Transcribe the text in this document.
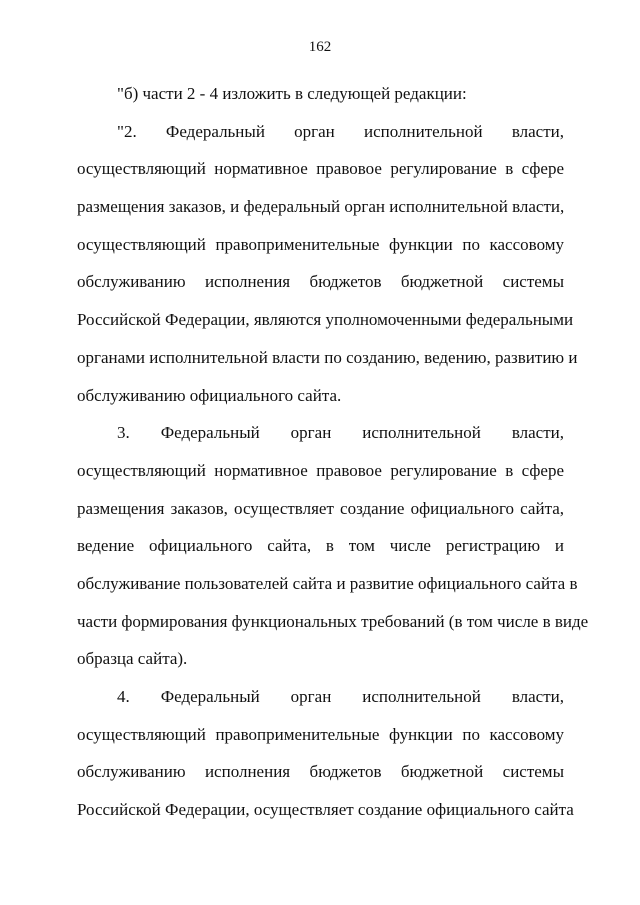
162
"б) части 2 - 4 изложить в следующей редакции:
"2. Федеральный орган исполнительной власти,
осуществляющий нормативное правовое регулирование в сфере
размещения заказов, и федеральный орган исполнительной власти,
осуществляющий правоприменительные функции по кассовому
обслуживанию исполнения бюджетов бюджетной системы
Российской Федерации, являются уполномоченными федеральными
органами исполнительной власти по созданию, ведению, развитию и
обслуживанию официального сайта.
3. Федеральный орган исполнительной власти,
осуществляющий нормативное правовое регулирование в сфере
размещения заказов, осуществляет создание официального сайта,
ведение официального сайта, в том числе регистрацию и
обслуживание пользователей сайта и развитие официального сайта в
части формирования функциональных требований (в том числе в виде
образца сайта).
4. Федеральный орган исполнительной власти,
осуществляющий правоприменительные функции по кассовому
обслуживанию исполнения бюджетов бюджетной системы
Российской Федерации, осуществляет создание официального сайта
